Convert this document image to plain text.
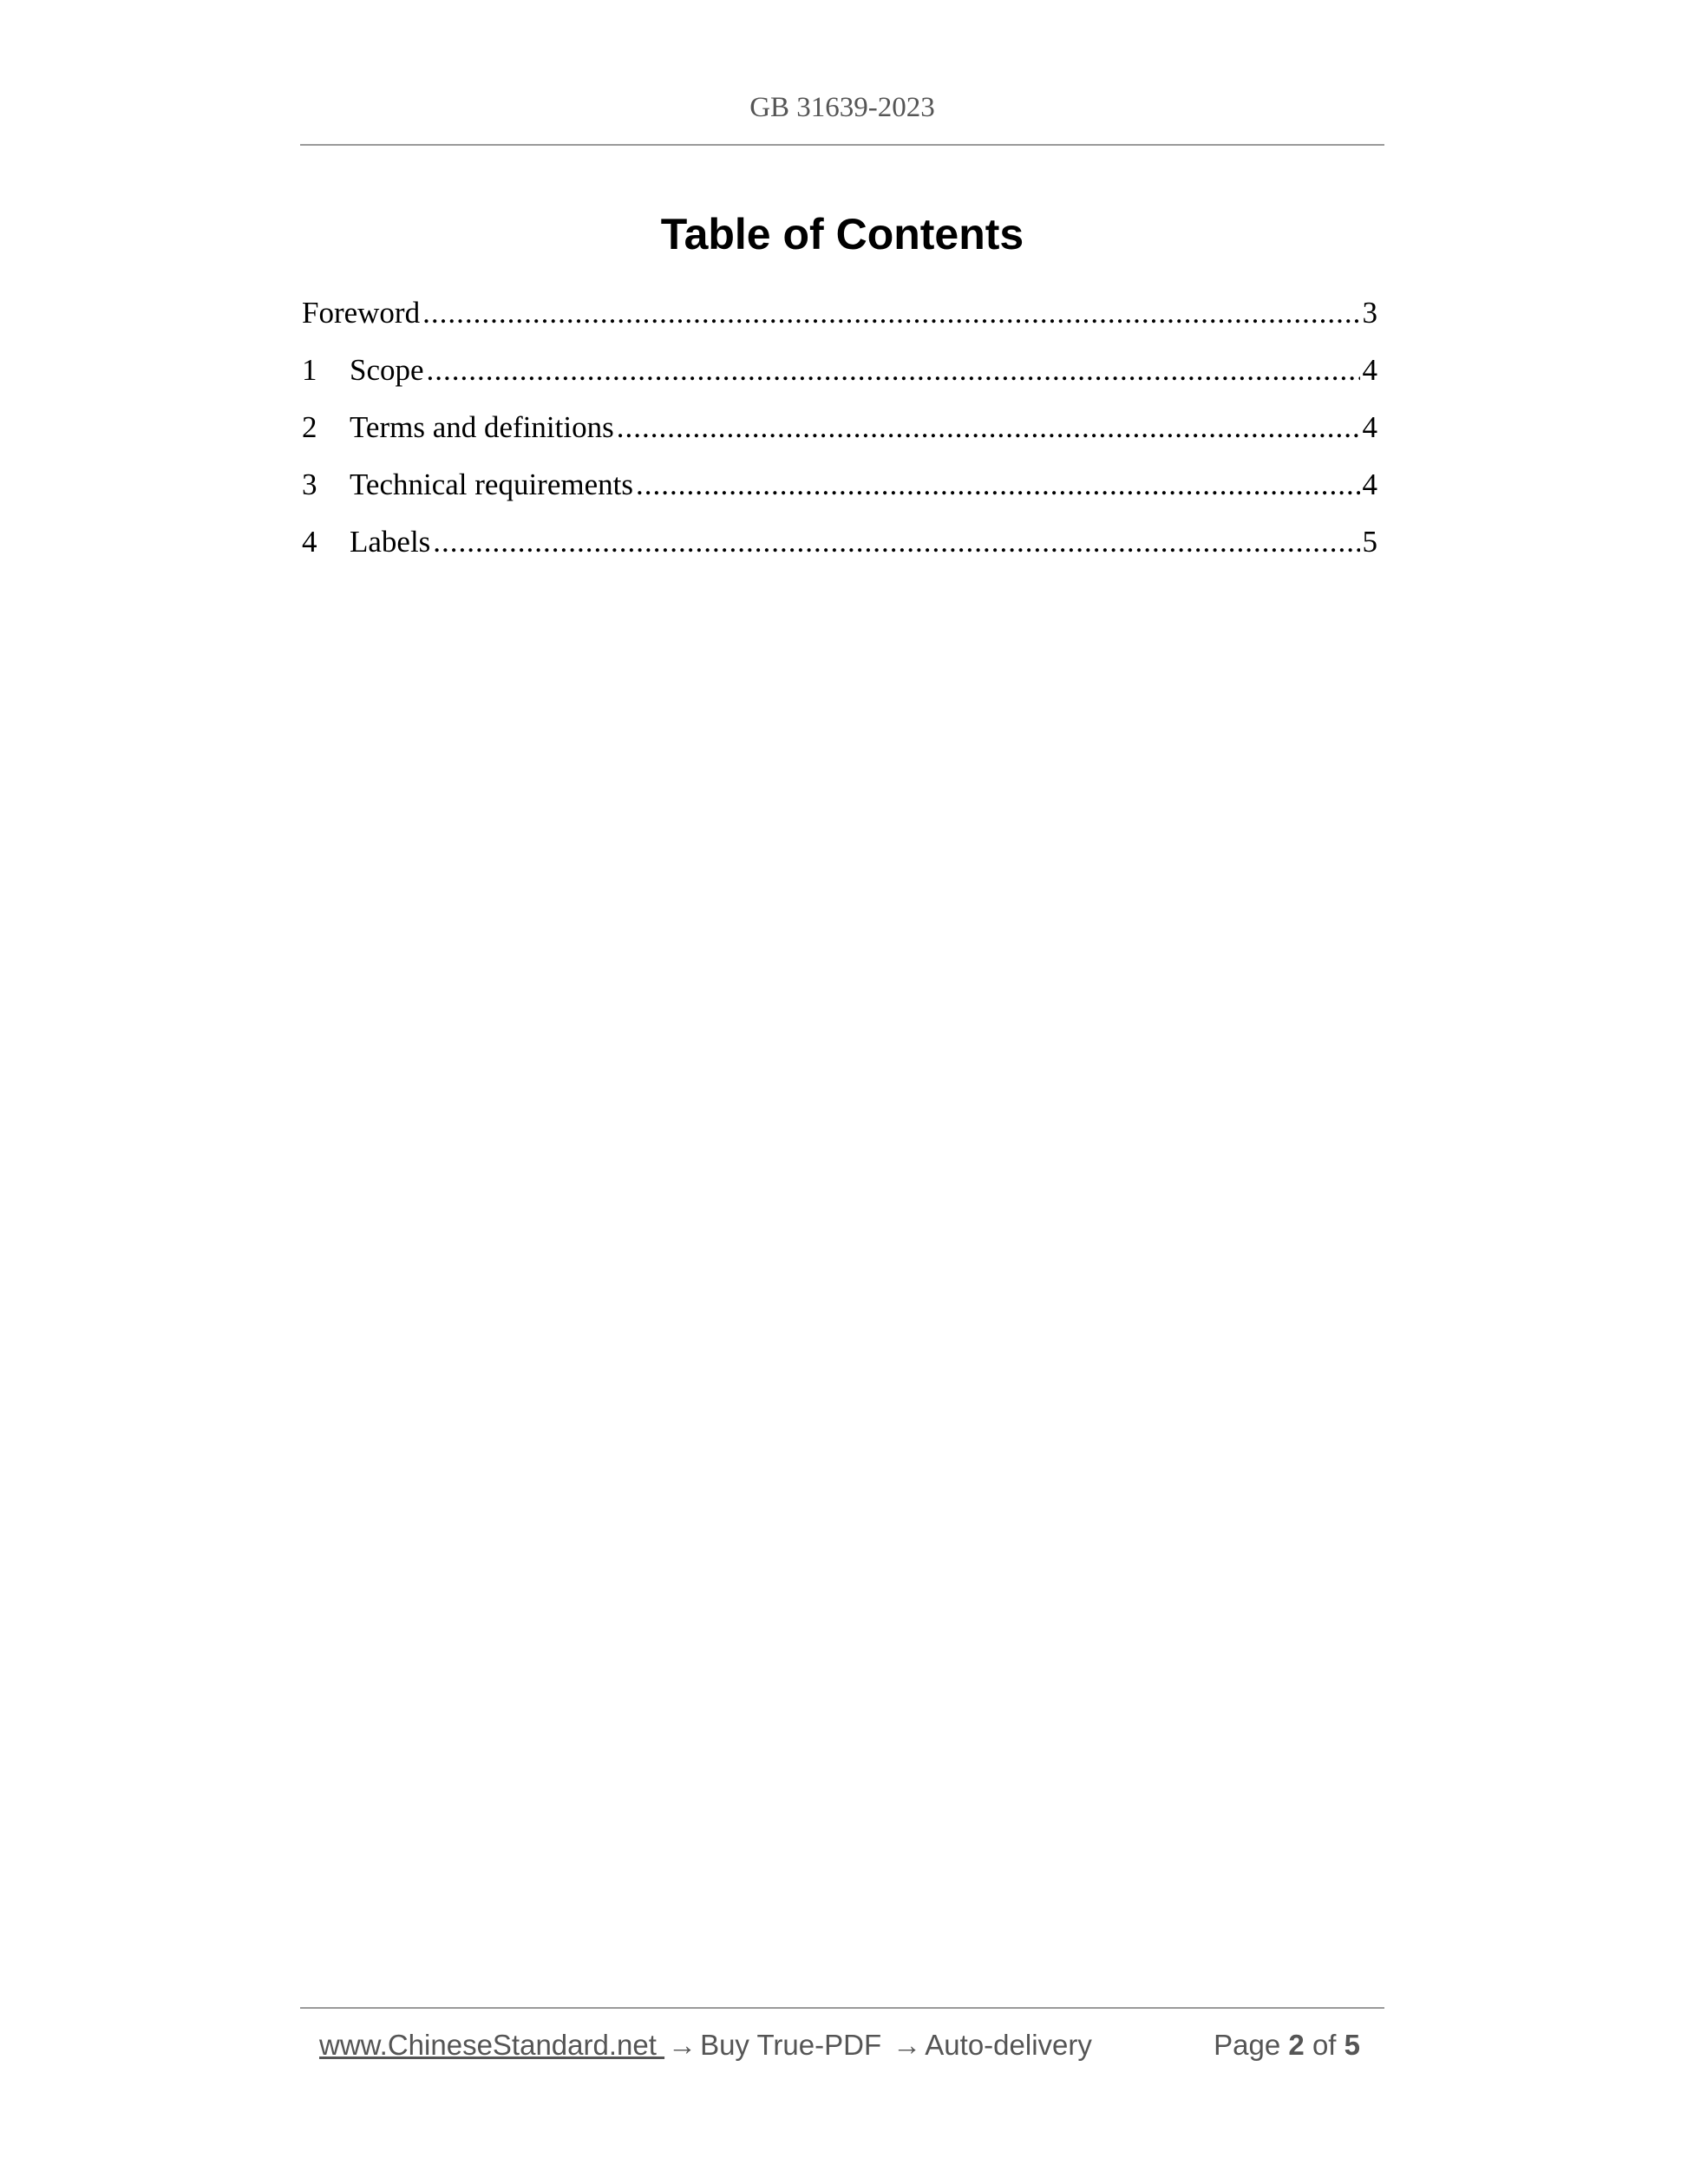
GB 31639-2023
Table of Contents
Foreword .....	3
1	Scope .....	4
2	Terms and definitions .....	4
3	Technical requirements .....	4
4	Labels .....	5
www.ChineseStandard.net → Buy True-PDF → Auto-delivery	Page 2 of 5
